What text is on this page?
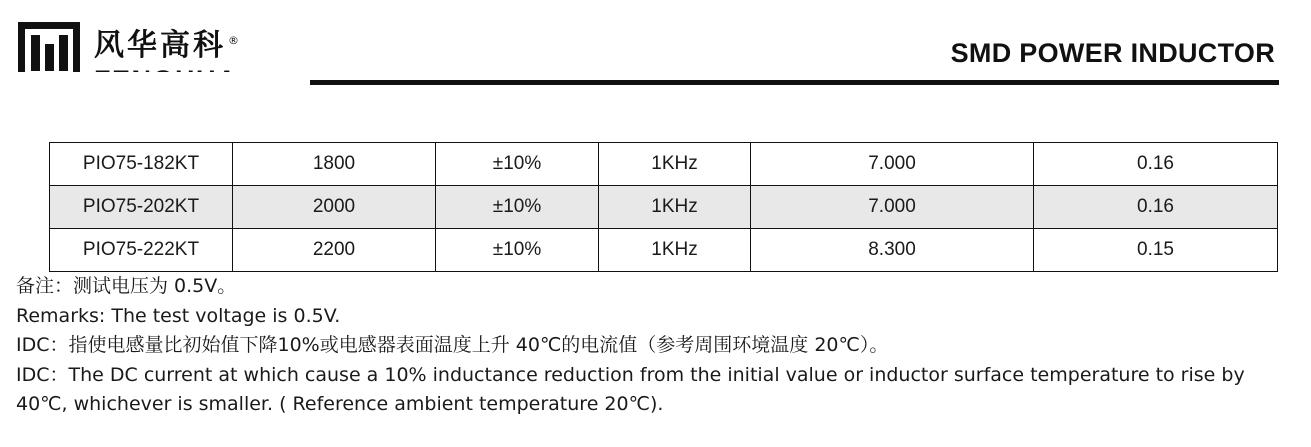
风华高科 ®	SMD POWER INDUCTOR
PIO75-182KT	1800	±10%	1KHz	7.000	0.16
PIO75-202KT	2000	±10%	1KHz	7.000	0.16
PIO75-222KT	2200	±10%	1KHz	8.300	0.15
备注：测试电压为 0.5V。
Remarks: The test voltage is 0.5V.
IDC：指使电感量比初始值下降10%或电感器表面温度上升 40℃的电流值（参考周围环境温度 20℃）。
IDC：The DC current at which cause a 10% inductance reduction from the initial value or inductor surface temperature to rise by 40℃, whichever is smaller. ( Reference ambient temperature 20℃).
